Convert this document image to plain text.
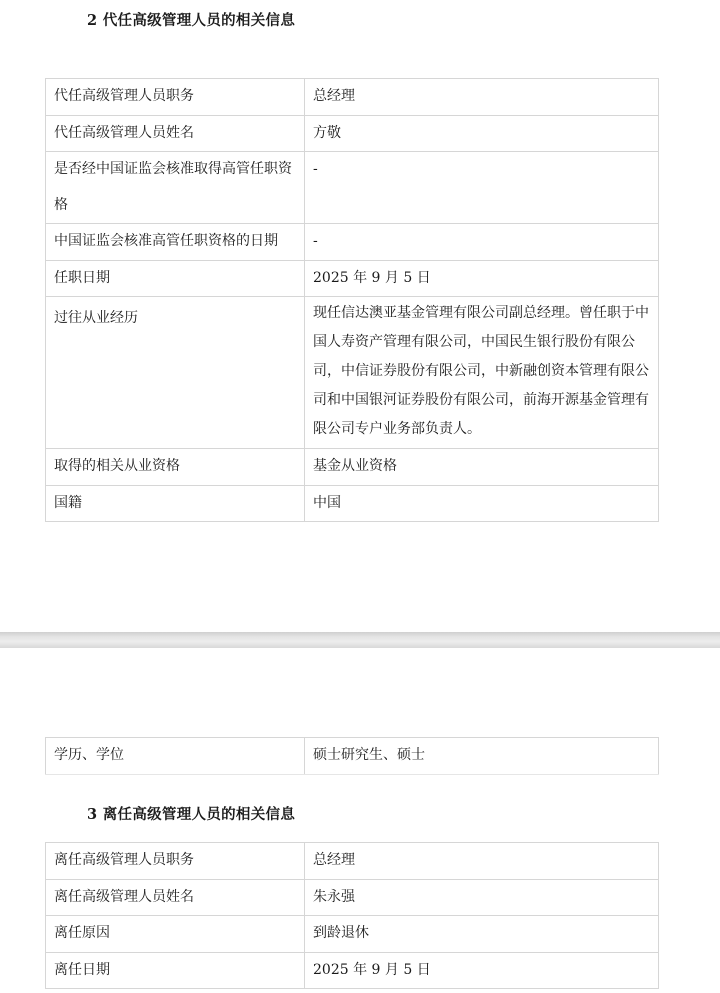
2 代任高级管理人员的相关信息
代任高级管理人员职务	总经理
代任高级管理人员姓名	方敬
是否经中国证监会核准取得高管任职资格	-
中国证监会核准高管任职资格的日期	-
任职日期	2025 年 9 月 5 日
过往从业经历	现任信达澳亚基金管理有限公司副总经理。曾任职于中国人寿资产管理有限公司，中国民生银行股份有限公司，中信证券股份有限公司，中新融创资本管理有限公司和中国银河证券股份有限公司，前海开源基金管理有限公司专户业务部负责人。

取得的相关从业资格	基金从业资格
国籍	中国
学历、学位	硕士研究生、硕士
3 离任高级管理人员的相关信息
离任高级管理人员职务	总经理
离任高级管理人员姓名	朱永强
离任原因	到龄退休
离任日期	2025 年 9 月 5 日
